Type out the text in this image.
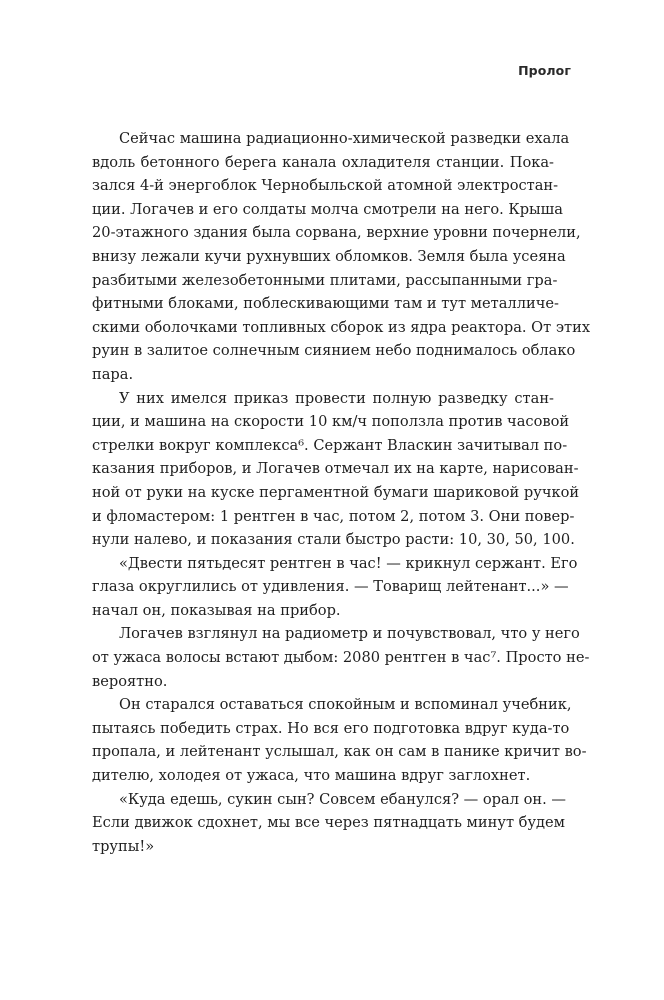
Пролог
Сейчас машина радиационно-химической разведки ехала
вдоль бетонного берега канала охладителя станции. Пока-
зался 4-й энергоблок Чернобыльской атомной электростан-
ции. Логачев и его солдаты молча смотрели на него. Крыша
20-этажного здания была сорвана, верхние уровни почернели,
внизу лежали кучи рухнувших обломков. Земля была усеяна
разбитыми железобетонными плитами, рассыпанными гра-
фитными блоками, поблескивающими там и тут металличе-
скими оболочками топливных сборок из ядра реактора. От этих
руин в залитое солнечным сиянием небо поднималось облако
пара.
У них имелся приказ провести полную разведку стан-
ции, и машина на скорости 10 км/ч поползла против часовой
стрелки вокруг комплекса⁶. Сержант Власкин зачитывал по-
казания приборов, и Логачев отмечал их на карте, нарисован-
ной от руки на куске пергаментной бумаги шариковой ручкой
и фломастером: 1 рентген в час, потом 2, потом 3. Они повер-
нули налево, и показания стали быстро расти: 10, 30, 50, 100.
«Двести пятьдесят рентген в час! — крикнул сержант. Его
глаза округлились от удивления. — Товарищ лейтенант...» —
начал он, показывая на прибор.
Логачев взглянул на радиометр и почувствовал, что у него
от ужаса волосы встают дыбом: 2080 рентген в час⁷. Просто не-
вероятно.
Он старался оставаться спокойным и вспоминал учебник,
пытаясь победить страх. Но вся его подготовка вдруг куда-то
пропала, и лейтенант услышал, как он сам в панике кричит во-
дителю, холодея от ужаса, что машина вдруг заглохнет.
«Куда едешь, сукин сын? Совсем ебанулся? — орал он. —
Если движок сдохнет, мы все через пятнадцать минут будем
трупы!»
